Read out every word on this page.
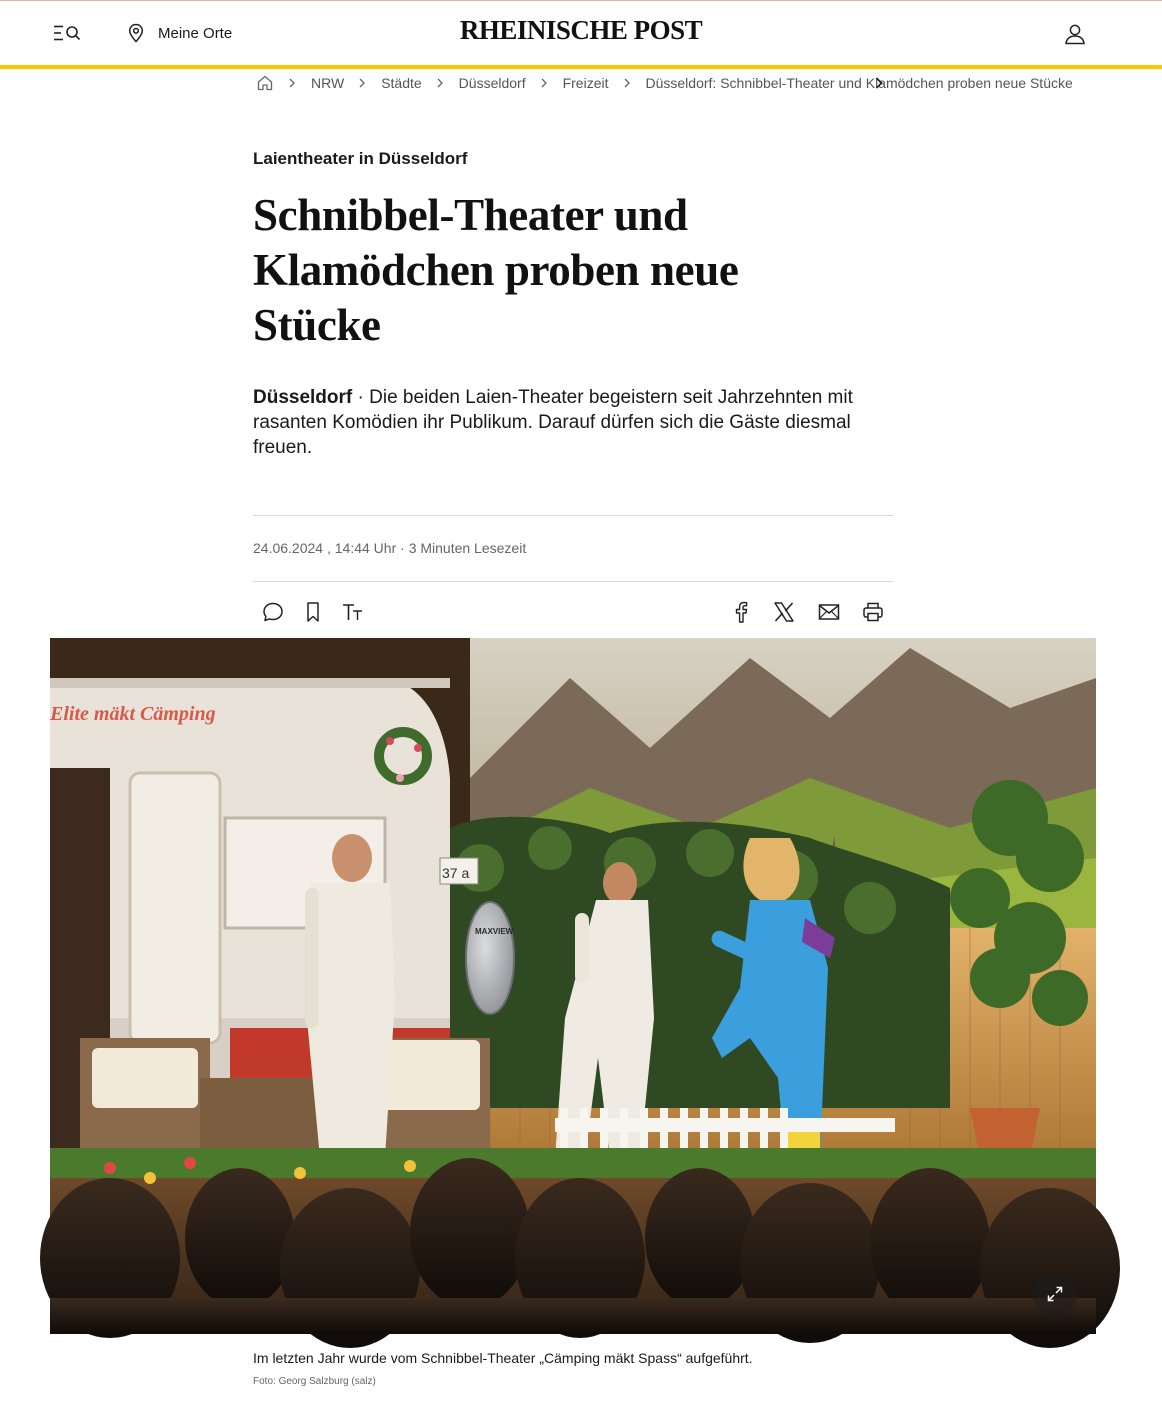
Meine Orte	RHEINISCHE POST
NRW	Städte	Düsseldorf	Freizeit	Düsseldorf: Schnibbel-Theater und Klamödchen proben neue Stücke
Laientheater in Düsseldorf
Schnibbel-Theater und Klamödchen proben neue Stücke

Düsseldorf · Die beiden Laien-Theater begeistern seit Jahrzehnten mit rasanten Komödien ihr Publikum. Darauf dürfen sich die Gäste diesmal freuen.

24.06.2024 , 14:44 Uhr · 3 Minuten Lesezeit
Elite mäkt Cämping
37 a
MAXVIEW

Im letzten Jahr wurde vom Schnibbel-Theater „Cämping mäkt Spass“ aufgeführt.

Foto: Georg Salzburg (salz)
